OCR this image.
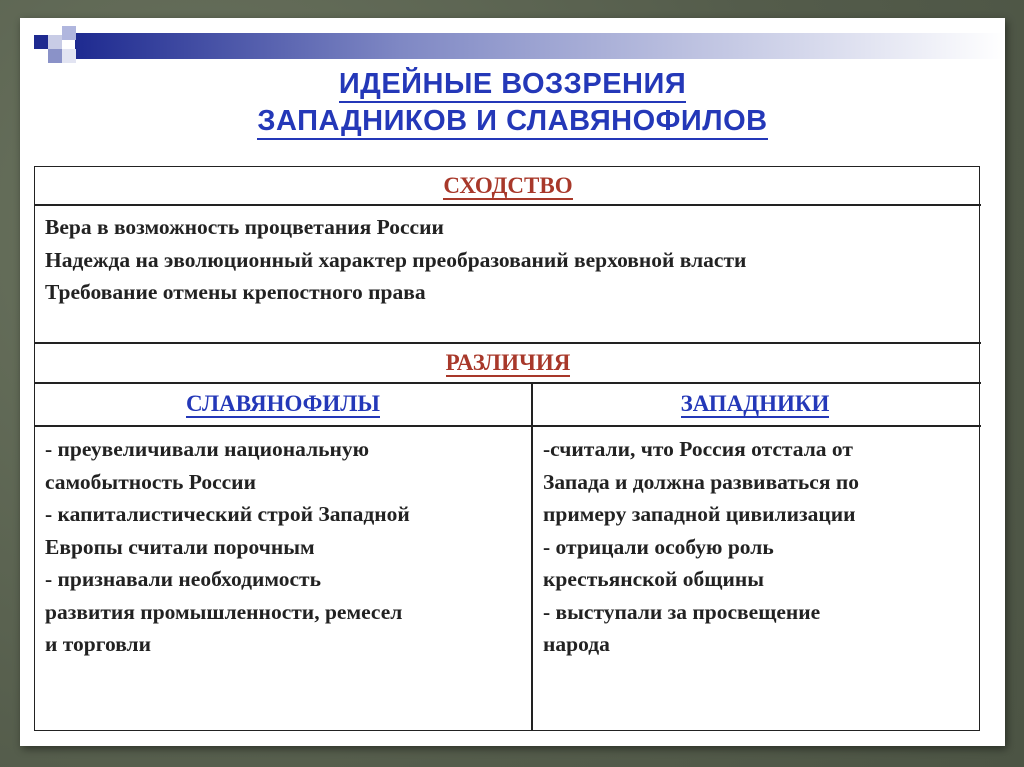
ИДЕЙНЫЕ ВОЗЗРЕНИЯ
ЗАПАДНИКОВ И СЛАВЯНОФИЛОВ
СХОДСТВО
Вера в возможность процветания России
Надежда на эволюционный характер преобразований верховной власти
Требование отмены крепостного права
РАЗЛИЧИЯ
СЛАВЯНОФИЛЫ	ЗАПАДНИКИ
- преувеличивали национальную
самобытность России
- капиталистический строй Западной
Европы считали порочным
- признавали необходимость
развития промышленности, ремесел
и торговли
-считали, что Россия отстала от
Запада и должна развиваться по
примеру западной цивилизации
- отрицали особую роль
крестьянской общины
- выступали за просвещение
народа
